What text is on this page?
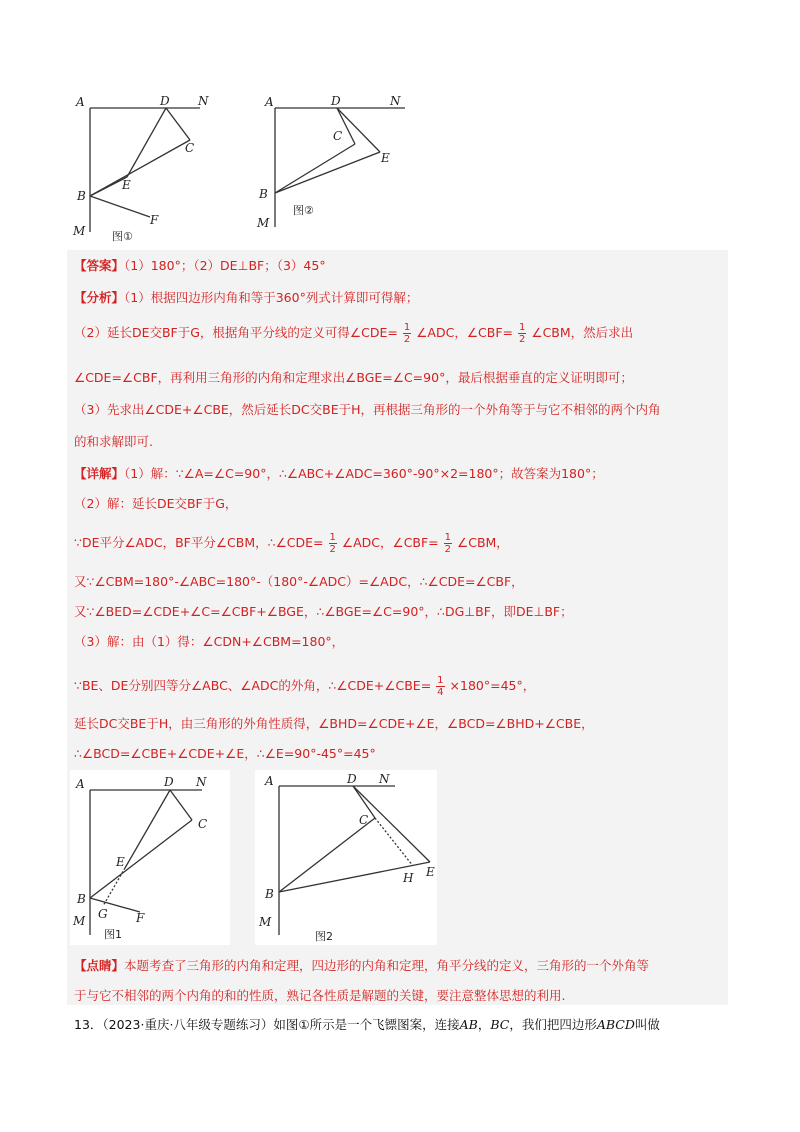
A	D N
C
E
B
F
M 图①
A	D	N
C
E
B
M
图②
【答案】（1）180°；（2）DE⊥BF；（3）45°
【分析】（1）根据四边形内角和等于360°列式计算即可得解；
（2）延长DE交BF于G，根据角平分线的定义可得∠CDE= $\frac{1}{2}$ ∠ADC，∠CBF= $\frac{1}{2}$ ∠CBM，然后求出
∠CDE=∠CBF，再利用三角形的内角和定理求出∠BGE=∠C=90°，最后根据垂直的定义证明即可；
（3）先求出∠CDE+∠CBE，然后延长DC交BE于H，再根据三角形的一个外角等于与它不相邻的两个内角
的和求解即可.
【详解】（1）解：∵∠A=∠C=90°，∴∠ABC+∠ADC=360°-90°×2=180°；故答案为180°；
（2）解：延长DE交BF于G，
∵DE平分∠ADC，BF平分∠CBM，∴∠CDE= $\frac{1}{2}$ ∠ADC，∠CBF= $\frac{1}{2}$ ∠CBM，
又∵∠CBM=180°-∠ABC=180°-（180°-∠ADC）=∠ADC，∴∠CDE=∠CBF，
又∵∠BED=∠CDE+∠C=∠CBF+∠BGE，∴∠BGE=∠C=90°，∴DG⊥BF，即DE⊥BF；
（3）解：由（1）得：∠CDN+∠CBM=180°，
∵BE、DE分别四等分∠ABC、∠ADC的外角，∴∠CDE+∠CBE= $\frac{1}{4} \times 180^\circ=45^\circ$，
延长DC交BE于H，由三角形的外角性质得，∠BHD=∠CDE+∠E，∠BCD=∠BHD+∠CBE，
∴∠BCD=∠CBE+∠CDE+∠E，∴∠E=90°-45°=45°
A	D N
C
E
B
G F
M
图1
A	D N
C
E
H
B
M
图2
【点睛】本题考查了三角形的内角和定理，四边形的内角和定理，角平分线的定义，三角形的一个外角等
于与它不相邻的两个内角的和的性质，熟记各性质是解题的关键，要注意整体思想的利用.
13．（2023·重庆·八年级专题练习）如图①所示是一个飞镖图案，连接AB，BC，我们把四边形ABCD叫做
